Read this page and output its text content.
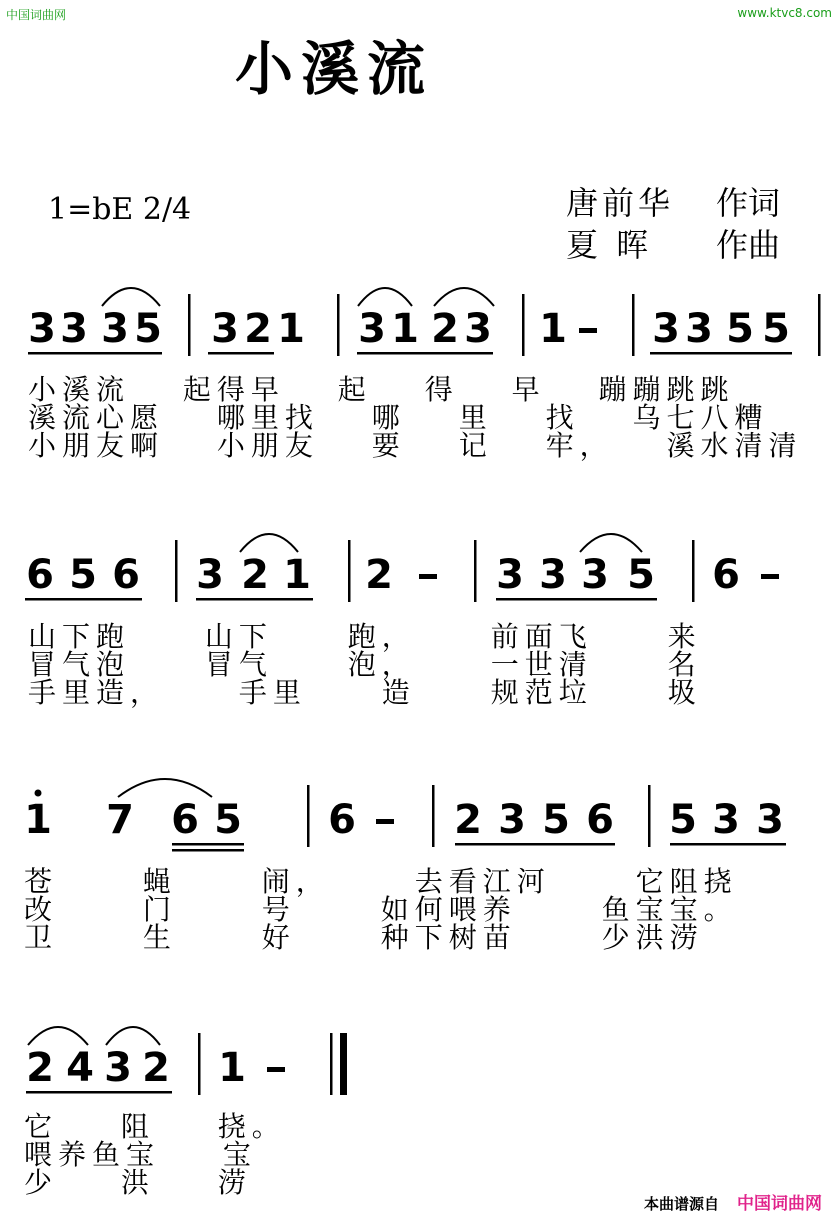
中国词曲网	www.ktvc8.com
小溪流
1=bE 2/4	唐前华 作词
夏 晖 作曲
3 3 3 5 3 2 1 3 1 2 3 1 3 3 5 5
6 5 6 3 2 1 2	3 3 3 5 6
1 7 6 5 6 2 3 5 6 5 3 3
2 4 3 2 1
小溪流 起得早 起 得 早 蹦蹦跳跳
溪流心愿 哪里找 哪 里 找 乌七八糟
小朋友啊 小朋友 要 记 牢， 溪水清清
山下跑 山下 跑， 前面飞 来
冒气泡 冒气 泡， 一世清 名
手里造， 手里 造 规范垃 圾
苍 蝇 闹， 去看江河 它阻挠
改 门 号 如何喂养 鱼宝宝。
卫 生 好 种下树苗 少洪涝
它 阻 挠。
喂养鱼宝 宝
少 洪 涝
本曲谱源自 中国词曲网
